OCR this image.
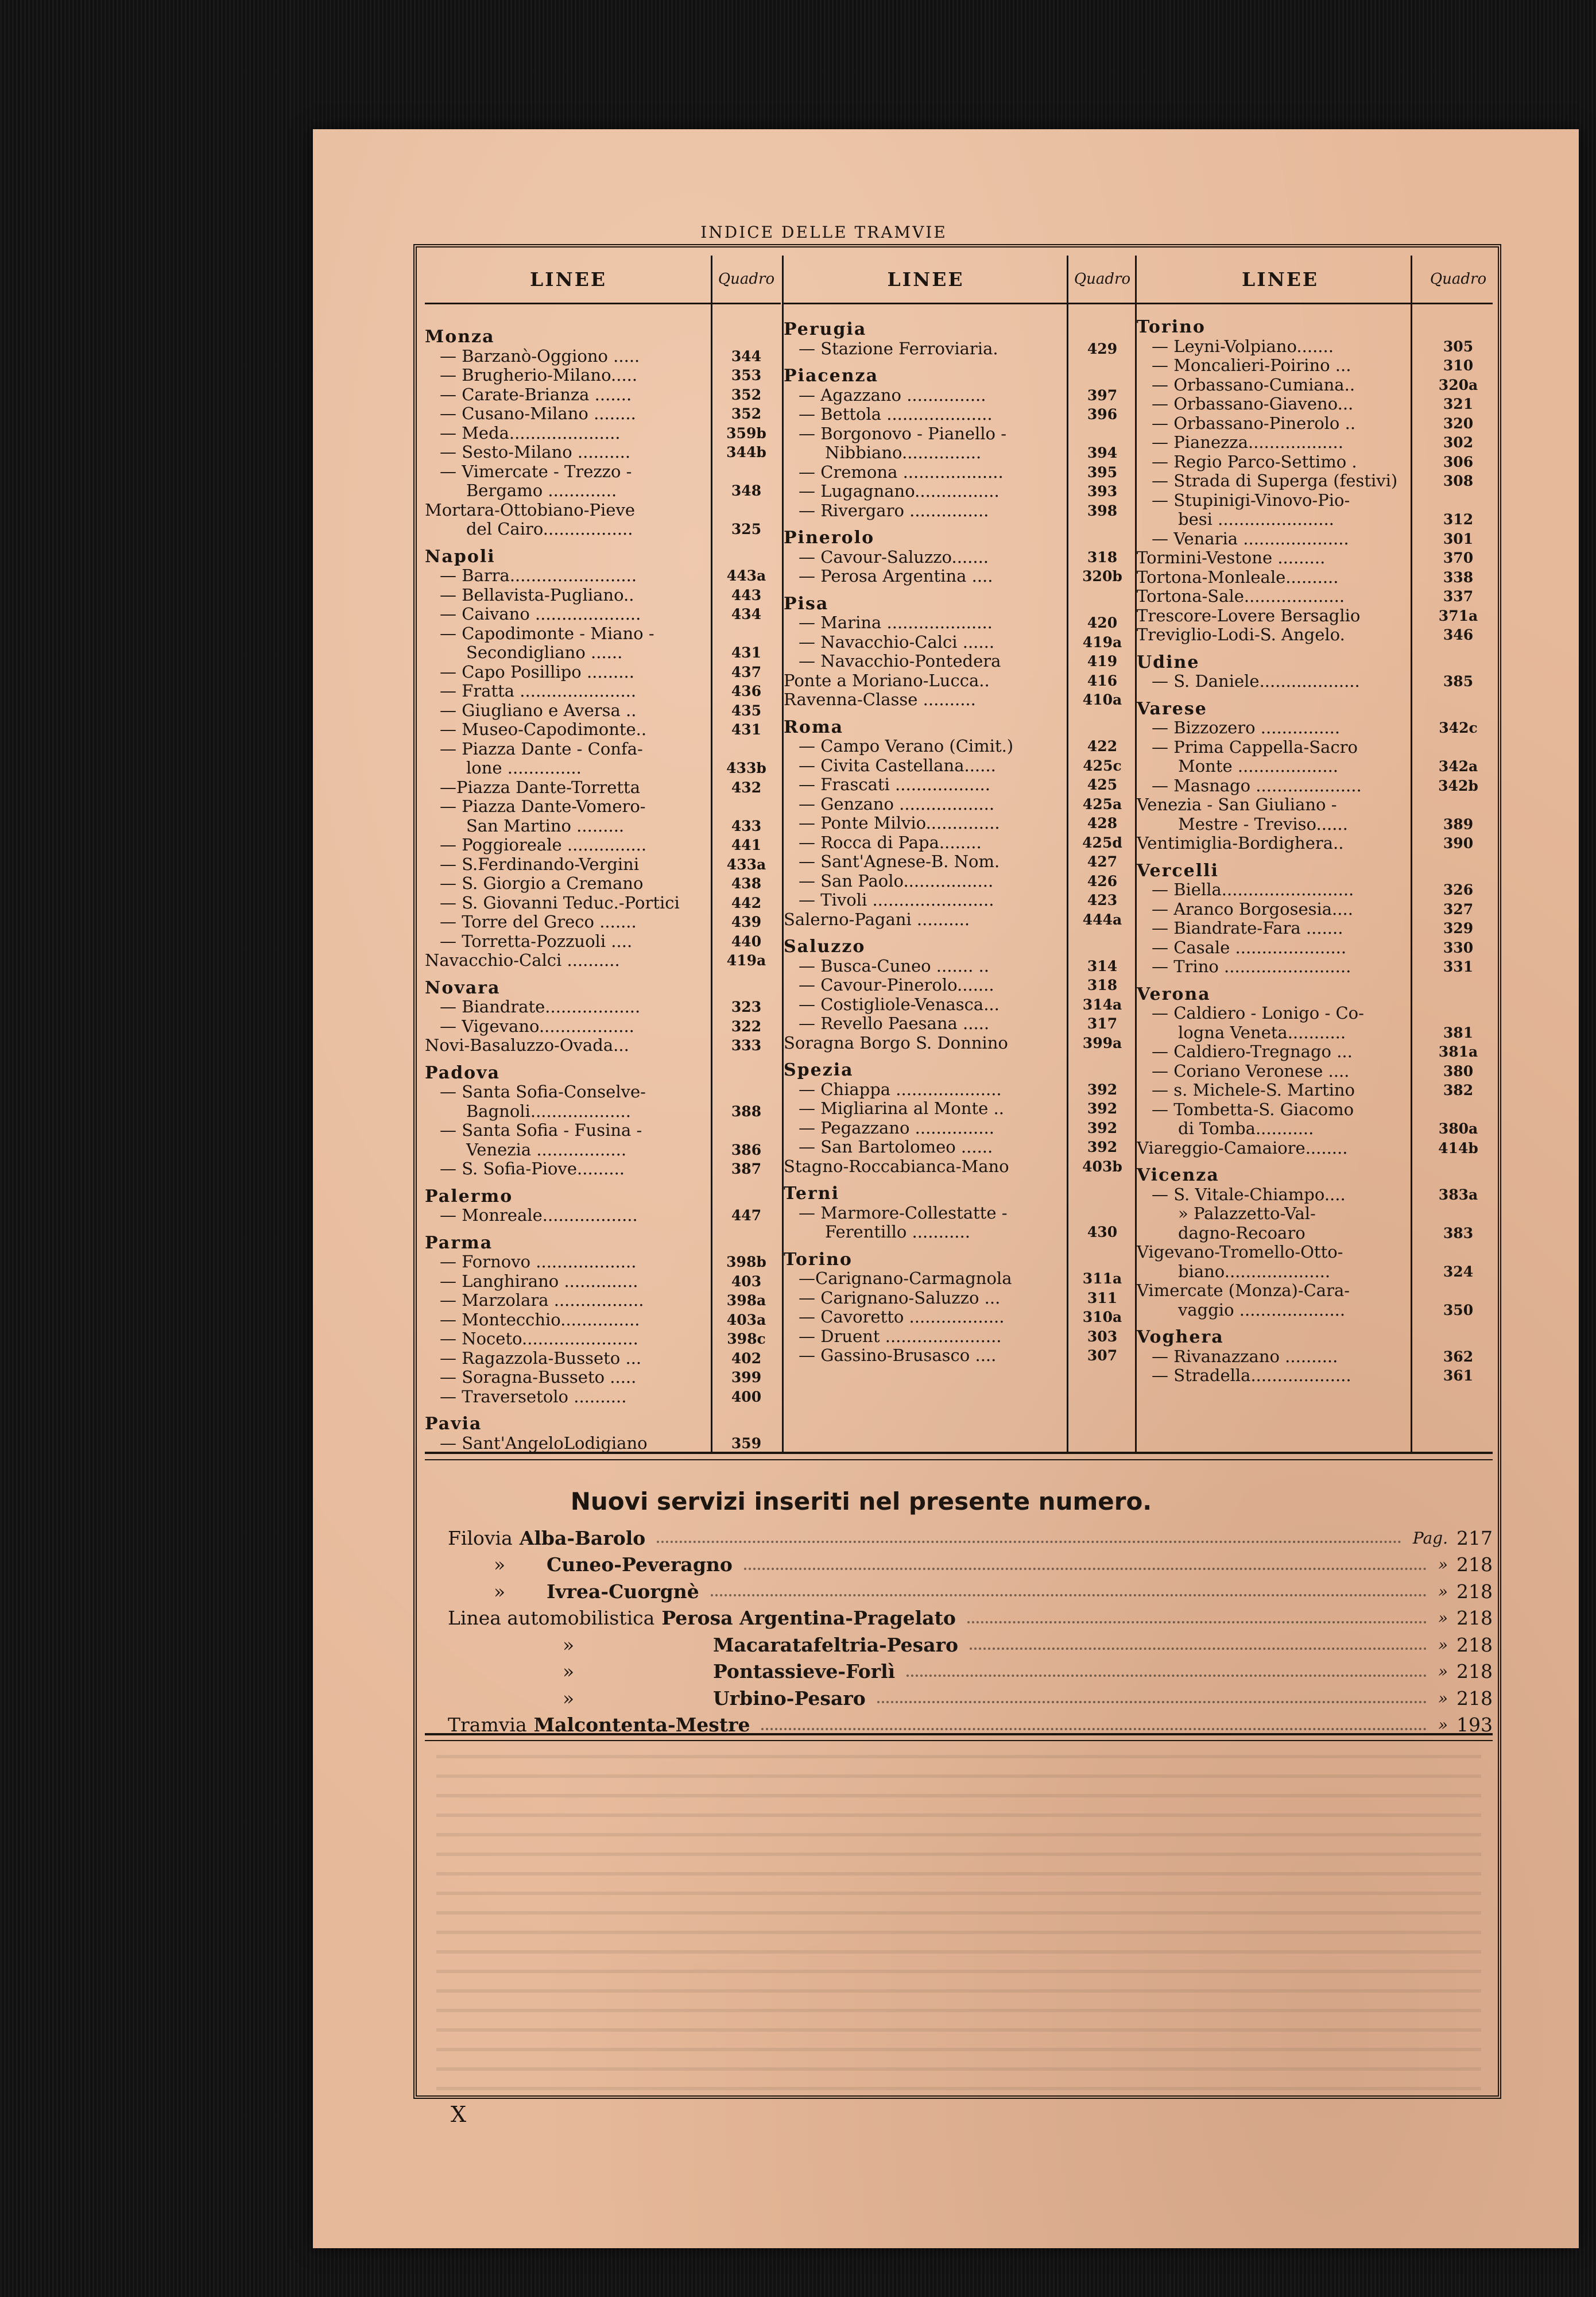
INDICE DELLE TRAMVIE
LINEE	Quadro
Monza
— Barzanò-Oggiono .....	344
— Brugherio-Milano.....	353
— Carate-Brianza .......	352
— Cusano-Milano ........	352
— Meda.....................	359b
— Sesto-Milano ..........	344b
— Vimercate - Trezzo -
Bergamo .............	348
Mortara-Ottobiano-Pieve
del Cairo.................	325
Napoli
— Barra........................	443a
— Bellavista-Pugliano..	443
— Caivano ....................	434
— Capodimonte - Miano -
Secondigliano ......	431
— Capo Posillipo .........	437
— Fratta ......................	436
— Giugliano e Aversa ..	435
— Museo-Capodimonte..	431
— Piazza Dante - Confa-
lone ..............	433b
—Piazza Dante-Torretta	432
— Piazza Dante-Vomero-
San Martino .........	433
— Poggioreale ...............	441
— S.Ferdinando-Vergini	433a
— S. Giorgio a Cremano	438
— S. Giovanni Teduc.-Portici	442
— Torre del Greco .......	439
— Torretta-Pozzuoli ....	440
Navacchio-Calci ..........	419a
Novara
— Biandrate..................	323
— Vigevano..................	322
Novi-Basaluzzo-Ovada...	333
Padova
— Santa Sofia-Conselve-
Bagnoli...................	388
— Santa Sofia - Fusina -
Venezia .................	386
— S. Sofia-Piove.........	387
Palermo
— Monreale..................	447
Parma
— Fornovo ...................	398b
— Langhirano ..............	403
— Marzolara .................	398a
— Montecchio...............	403a
— Noceto......................	398c
— Ragazzola-Busseto ...	402
— Soragna-Busseto .....	399
— Traversetolo ..........	400
Pavia
— Sant'AngeloLodigiano	359
LINEE	Quadro
Perugia
— Stazione Ferroviaria.	429
Piacenza
— Agazzano ...............	397
— Bettola ....................	396
— Borgonovo - Pianello -
Nibbiano...............	394
— Cremona ...................	395
— Lugagnano................	393
— Rivergaro ...............	398
Pinerolo
— Cavour-Saluzzo.......	318
— Perosa Argentina ....	320b
Pisa
— Marina ....................	420
— Navacchio-Calci ......	419a
— Navacchio-Pontedera	419
Ponte a Moriano-Lucca..	416
Ravenna-Classe ..........	410a
Roma
— Campo Verano (Cimit.)	422
— Civita Castellana......	425c
— Frascati ..................	425
— Genzano ..................	425a
— Ponte Milvio..............	428
— Rocca di Papa........	425d
— Sant'Agnese-B. Nom.	427
— San Paolo.................	426
— Tivoli .......................	423
Salerno-Pagani ..........	444a
Saluzzo
— Busca-Cuneo ....... ..	314
— Cavour-Pinerolo.......	318
— Costigliole-Venasca...	314a
— Revello Paesana .....	317
Soragna Borgo S. Donnino	399a
Spezia
— Chiappa ....................	392
— Migliarina al Monte ..	392
— Pegazzano ...............	392
— San Bartolomeo ......	392
Stagno-Roccabianca-Mano	403b
Terni
— Marmore-Collestatte -
Ferentillo ...........	430
Torino
—Carignano-Carmagnola	311a
— Carignano-Saluzzo ...	311
— Cavoretto ..................	310a
— Druent ......................	303
— Gassino-Brusasco ....	307
LINEE	Quadro
Torino
— Leyni-Volpiano.......	305
— Moncalieri-Poirino ...	310
— Orbassano-Cumiana..	320a
— Orbassano-Giaveno...	321
— Orbassano-Pinerolo ..	320
— Pianezza..................	302
— Regio Parco-Settimo .	306
— Strada di Superga (festivi)	308
— Stupinigi-Vinovo-Pio-
besi ......................	312
— Venaria ....................	301
Tormini-Vestone .........	370
Tortona-Monleale..........	338
Tortona-Sale...................	337
Trescore-Lovere Bersaglio	371a
Treviglio-Lodi-S. Angelo.	346
Udine
— S. Daniele...................	385
Varese
— Bizzozero ...............	342c
— Prima Cappella-Sacro
Monte ...................	342a
— Masnago ....................	342b
Venezia - San Giuliano -
Mestre - Treviso......	389
Ventimiglia-Bordighera..	390
Vercelli
— Biella.........................	326
— Aranco Borgosesia....	327
— Biandrate-Fara .......	329
— Casale .....................	330
— Trino ........................	331
Verona
— Caldiero - Lonigo - Co-
logna Veneta...........	381
— Caldiero-Tregnago ...	381a
— Coriano Veronese ....	380
— s. Michele-S. Martino	382
— Tombetta-S. Giacomo
di Tomba...........	380a
Viareggio-Camaiore........	414b
Vicenza
— S. Vitale-Chiampo....	383a
» Palazzetto-Val-
dagno-Recoaro	383
Vigevano-Tromello-Otto-
biano....................	324
Vimercate (Monza)-Cara-
vaggio ....................	350
Voghera
— Rivanazzano ..........	362
— Stradella...................	361
Nuovi servizi inseriti nel presente numero.
Filovia Alba-Barolo	Pag. 217
»	Cuneo-Peveragno	» 218
»	Ivrea-Cuorgnè	» 218
Linea automobilistica Perosa Argentina-Pragelato	» 218
»	Macaratafeltria-Pesaro	» 218
»	Pontassieve-Forlì	» 218
»	Urbino-Pesaro	» 218
Tramvia Malcontenta-Mestre	» 193
X
